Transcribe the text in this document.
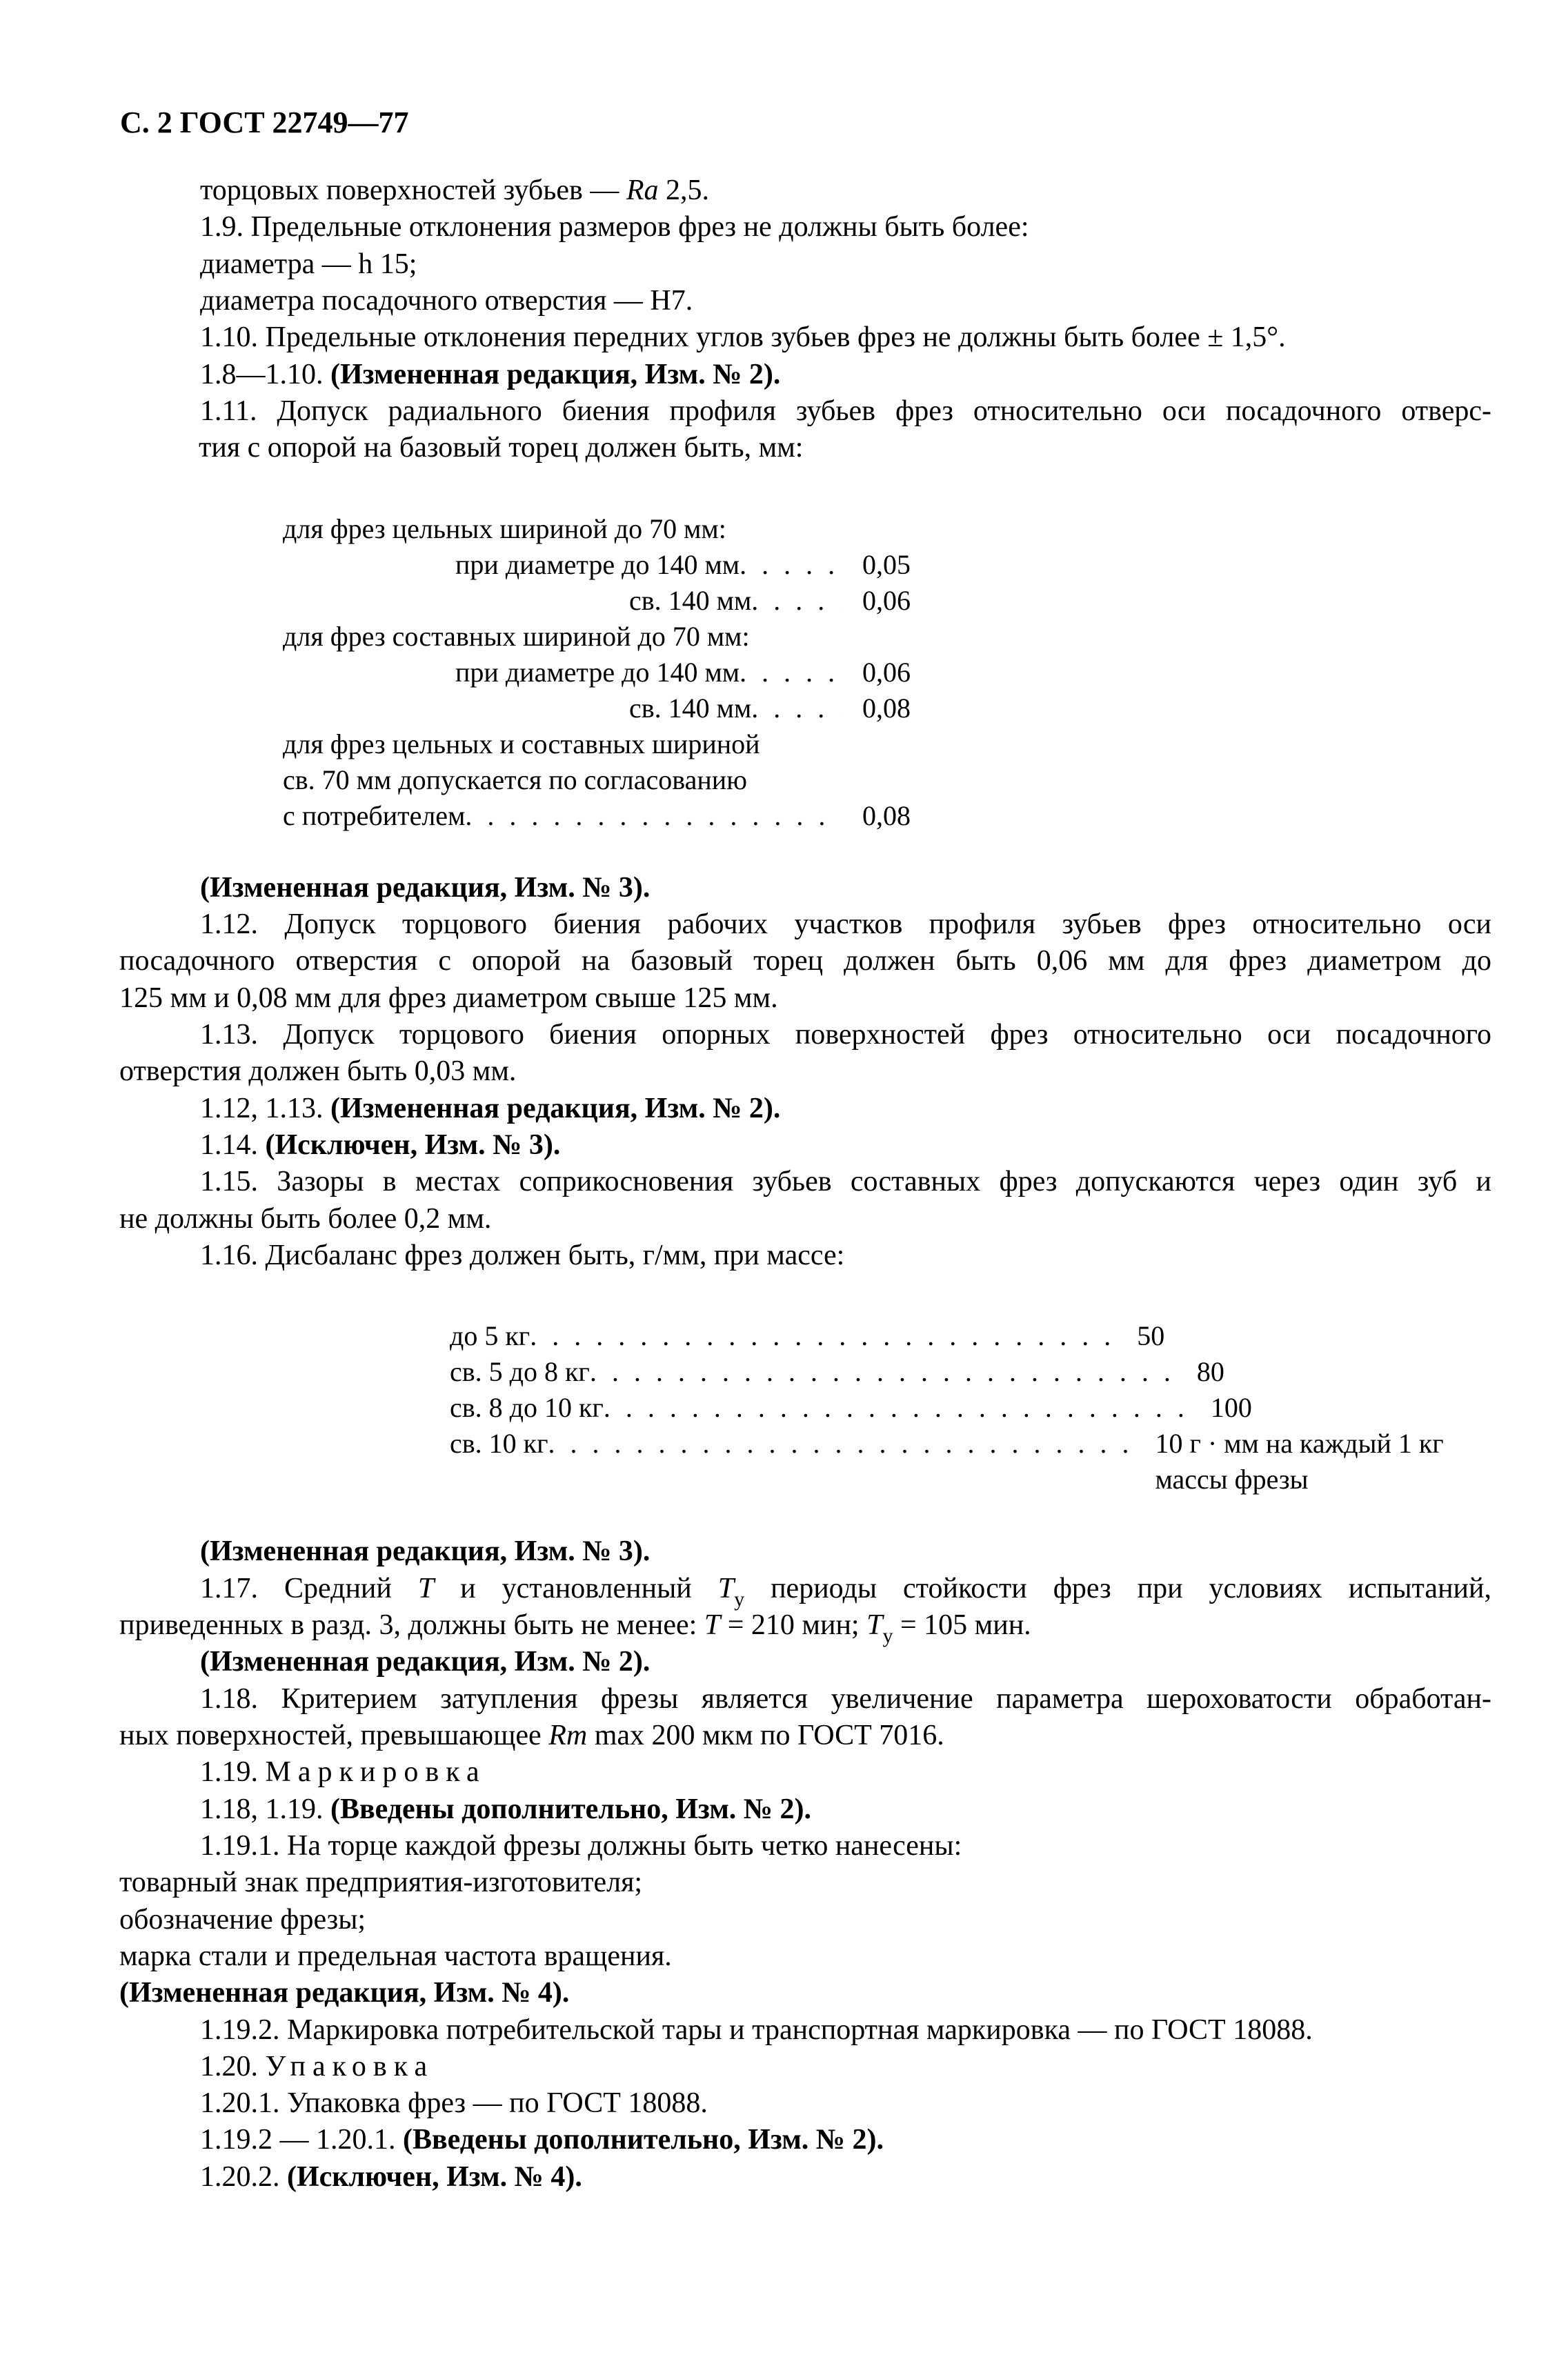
С. 2 ГОСТ 22749—77

торцовых поверхностей зубьев — Ra 2,5.

1.9. Предельные отклонения размеров фрез не должны быть более:

диаметра — h 15;

диаметра посадочного отверстия — H7.

1.10. Предельные отклонения передних углов зубьев фрез не должны быть более ± 1,5°.

1.8—1.10. (Измененная редакция, Изм. № 2).

1.11. Допуск радиального биения профиля зубьев фрез относительно оси посадочного отверс-

тия с опорой на базовый торец должен быть, мм:

для фрез цельных шириной до 70 мм:
при диаметре до 140 мм . . .	0,05
св. 140 мм . . .	0,06
для фрез составных шириной до 70 мм:
при диаметре до 140 мм . . .	0,06
св. 140 мм . . .	0,08
для фрез цельных и составных шириной
св. 70 мм допускается по согласованию
с потребителем . . .	0,08

(Измененная редакция, Изм. № 3).

1.12. Допуск торцового биения рабочих участков профиля зубьев фрез относительно оси

посадочного отверстия с опорой на базовый торец должен быть 0,06 мм для фрез диаметром до

125 мм и 0,08 мм для фрез диаметром свыше 125 мм.

1.13. Допуск торцового биения опорных поверхностей фрез относительно оси посадочного

отверстия должен быть 0,03 мм.

1.12, 1.13. (Измененная редакция, Изм. № 2).

1.14. (Исключен, Изм. № 3).

1.15. Зазоры в местах соприкосновения зубьев составных фрез допускаются через один зуб и

не должны быть более 0,2 мм.

1.16. Дисбаланс фрез должен быть, г/мм, при массе:

до 5 кг . . .	50
св. 5 до 8 кг . . .	80
св. 8 до 10 кг . . .	100
св. 10 кг . . .	10 г · мм на каждый 1 кг
массы фрезы

(Измененная редакция, Изм. № 3).

1.17. Средний T и установленный $T_у$ периоды стойкости фрез при условиях испытаний,

приведенных в разд. 3, должны быть не менее: T = 210 мин; $T_у = 105$ мин.

(Измененная редакция, Изм. № 2).

1.18. Критерием затупления фрезы является увеличение параметра шероховатости обработан-

ных поверхностей, превышающее Rm max 200 мкм по ГОСТ 7016.

1.19. Маркировка

1.18, 1.19. (Введены дополнительно, Изм. № 2).

1.19.1. На торце каждой фрезы должны быть четко нанесены:

товарный знак предприятия-изготовителя;

обозначение фрезы;

марка стали и предельная частота вращения.

(Измененная редакция, Изм. № 4).

1.19.2. Маркировка потребительской тары и транспортная маркировка — по ГОСТ 18088.

1.20. Упаковка

1.20.1. Упаковка фрез — по ГОСТ 18088.

1.19.2 — 1.20.1. (Введены дополнительно, Изм. № 2).

1.20.2. (Исключен, Изм. № 4).
